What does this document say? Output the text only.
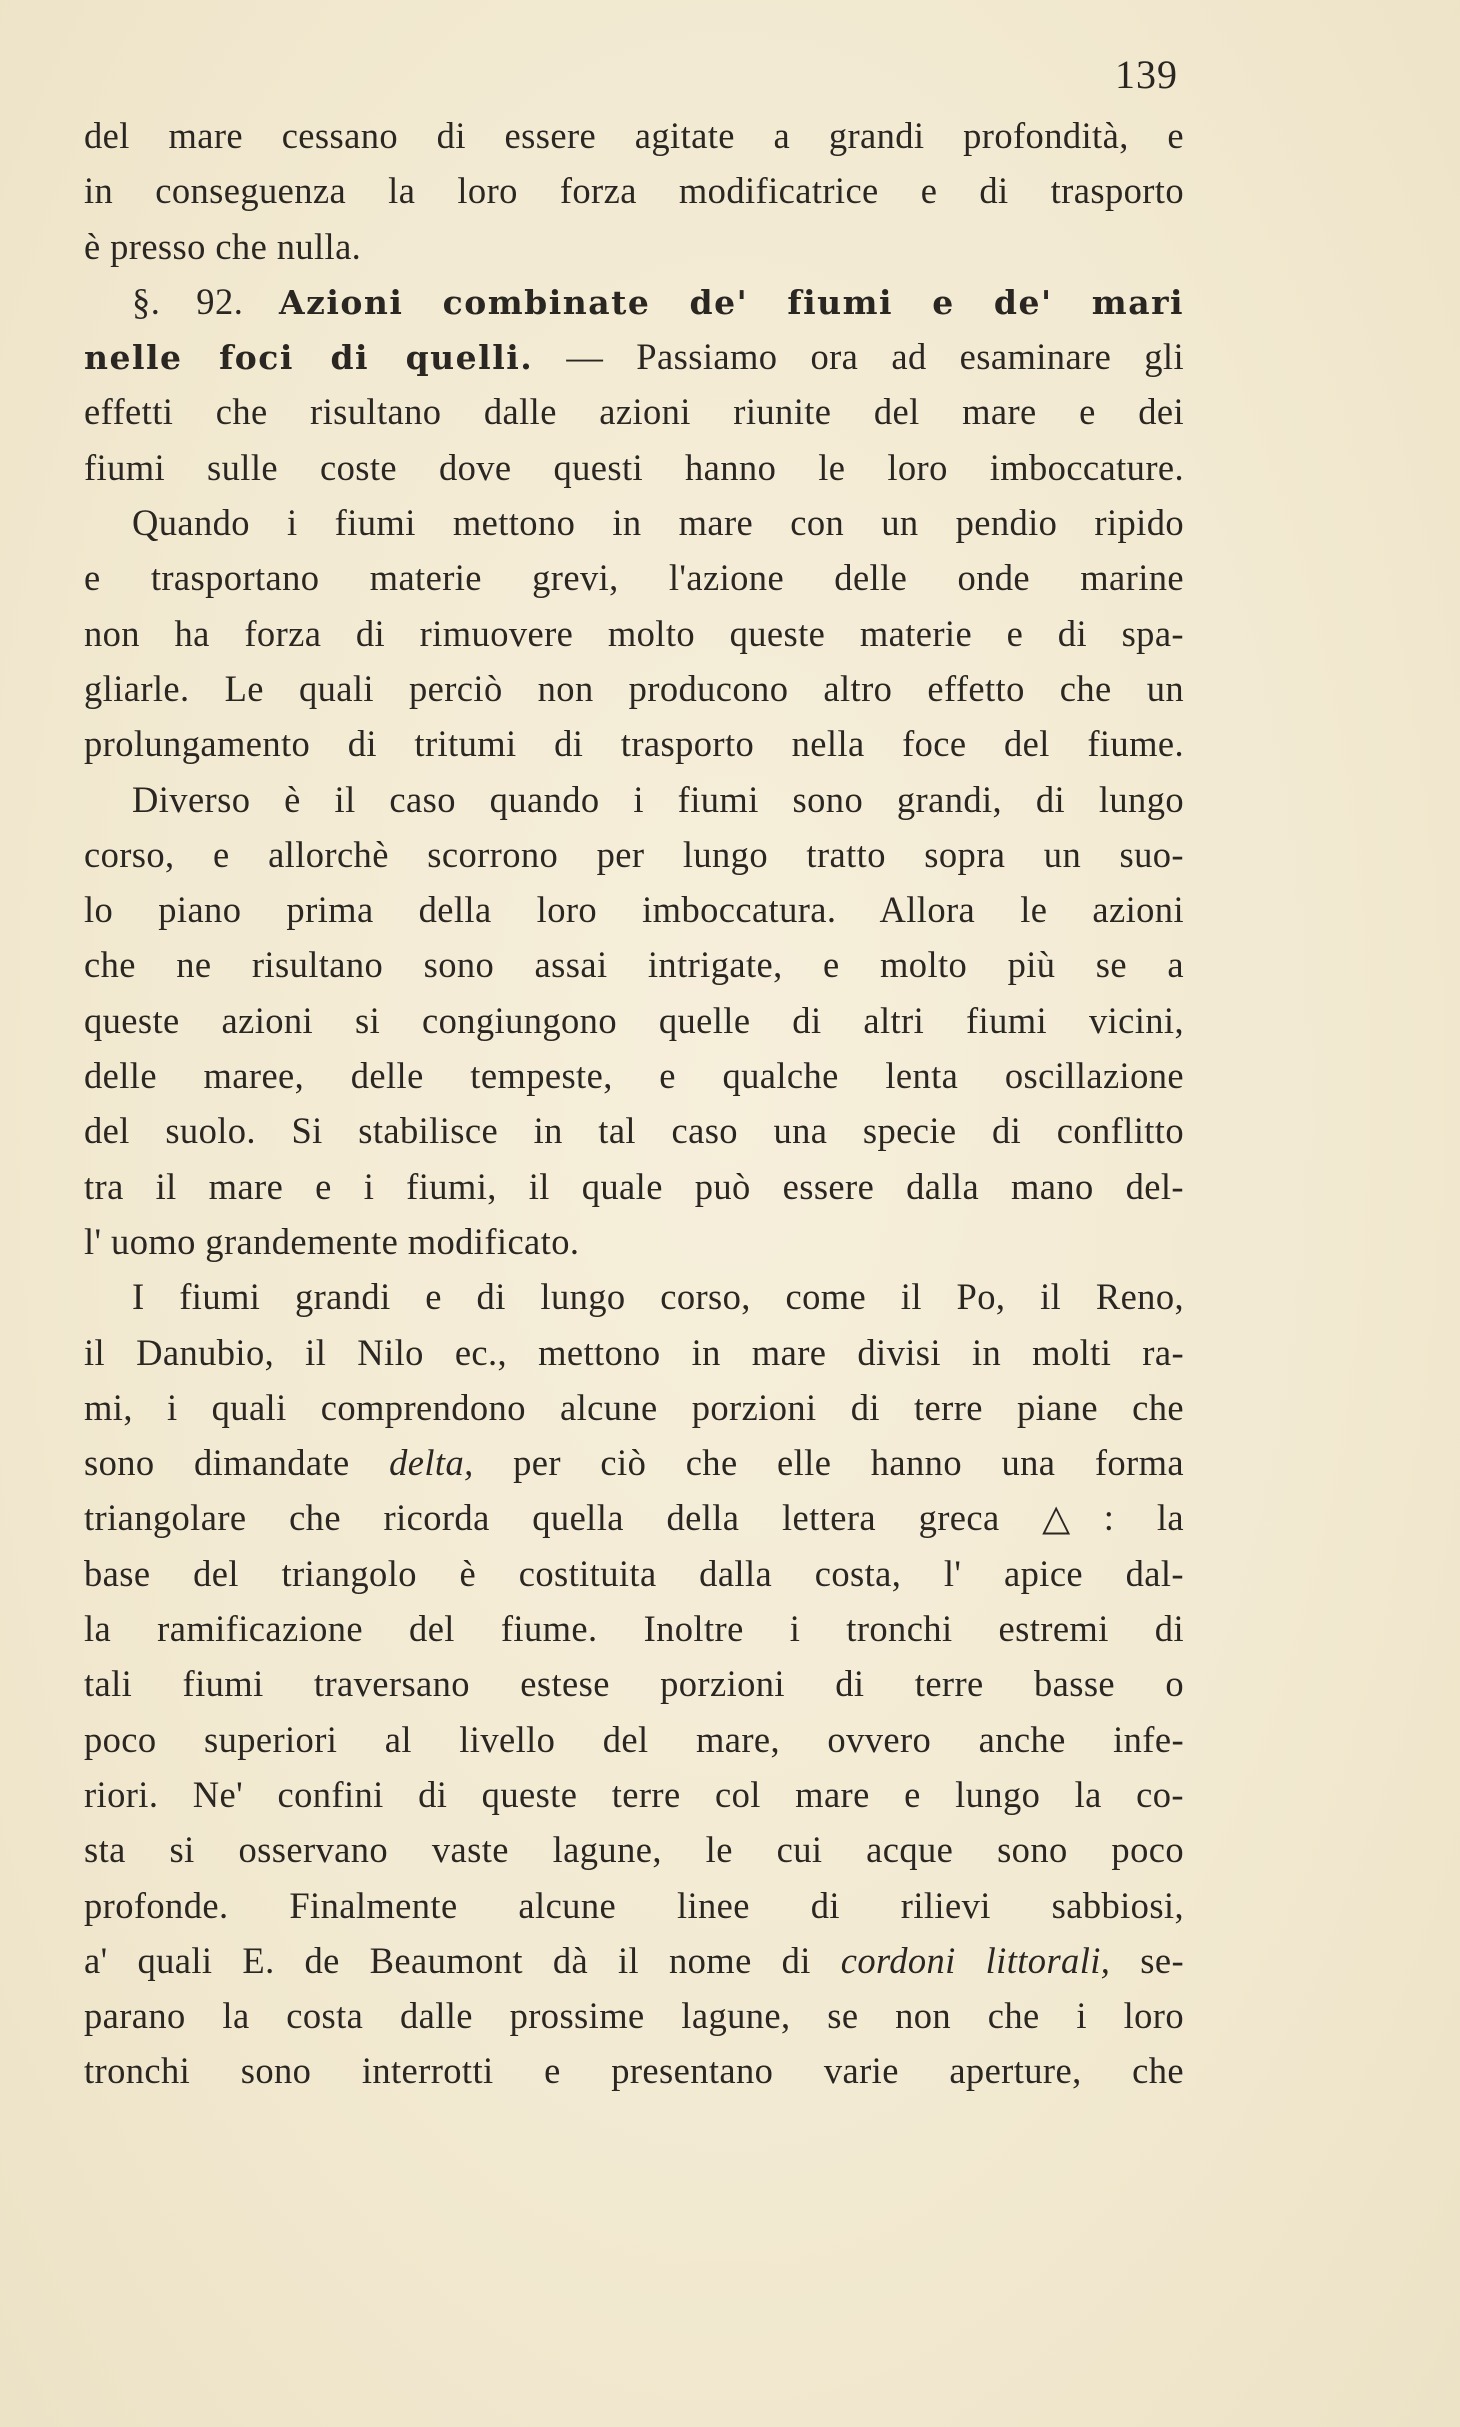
139
del mare cessano di essere agitate a grandi profondità, e
in conseguenza la loro forza modificatrice e di trasporto
è presso che nulla.
§. 92. Azioni combinate de' fiumi e de' mari
nelle foci di quelli. — Passiamo ora ad esaminare gli
effetti che risultano dalle azioni riunite del mare e dei
fiumi sulle coste dove questi hanno le loro imboccature.
Quando i fiumi mettono in mare con un pendio ripido
e trasportano materie grevi, l'azione delle onde marine
non ha forza di rimuovere molto queste materie e di spa-
gliarle. Le quali perciò non producono altro effetto che un
prolungamento di tritumi di trasporto nella foce del fiume.
Diverso è il caso quando i fiumi sono grandi, di lungo
corso, e allorchè scorrono per lungo tratto sopra un suo-
lo piano prima della loro imboccatura. Allora le azioni
che ne risultano sono assai intrigate, e molto più se a
queste azioni si congiungono quelle di altri fiumi vicini,
delle maree, delle tempeste, e qualche lenta oscillazione
del suolo. Si stabilisce in tal caso una specie di conflitto
tra il mare e i fiumi, il quale può essere dalla mano del-
l' uomo grandemente modificato.
I fiumi grandi e di lungo corso, come il Po, il Reno,
il Danubio, il Nilo ec., mettono in mare divisi in molti ra-
mi, i quali comprendono alcune porzioni di terre piane che
sono dimandate delta, per ciò che elle hanno una forma
triangolare che ricorda quella della lettera greca △: la
base del triangolo è costituita dalla costa, l' apice dal-
la ramificazione del fiume. Inoltre i tronchi estremi di
tali fiumi traversano estese porzioni di terre basse o
poco superiori al livello del mare, ovvero anche infe-
riori. Ne' confini di queste terre col mare e lungo la co-
sta si osservano vaste lagune, le cui acque sono poco
profonde. Finalmente alcune linee di rilievi sabbiosi,
a' quali E. de Beaumont dà il nome di cordoni littorali, se-
parano la costa dalle prossime lagune, se non che i loro
tronchi sono interrotti e presentano varie aperture, che
